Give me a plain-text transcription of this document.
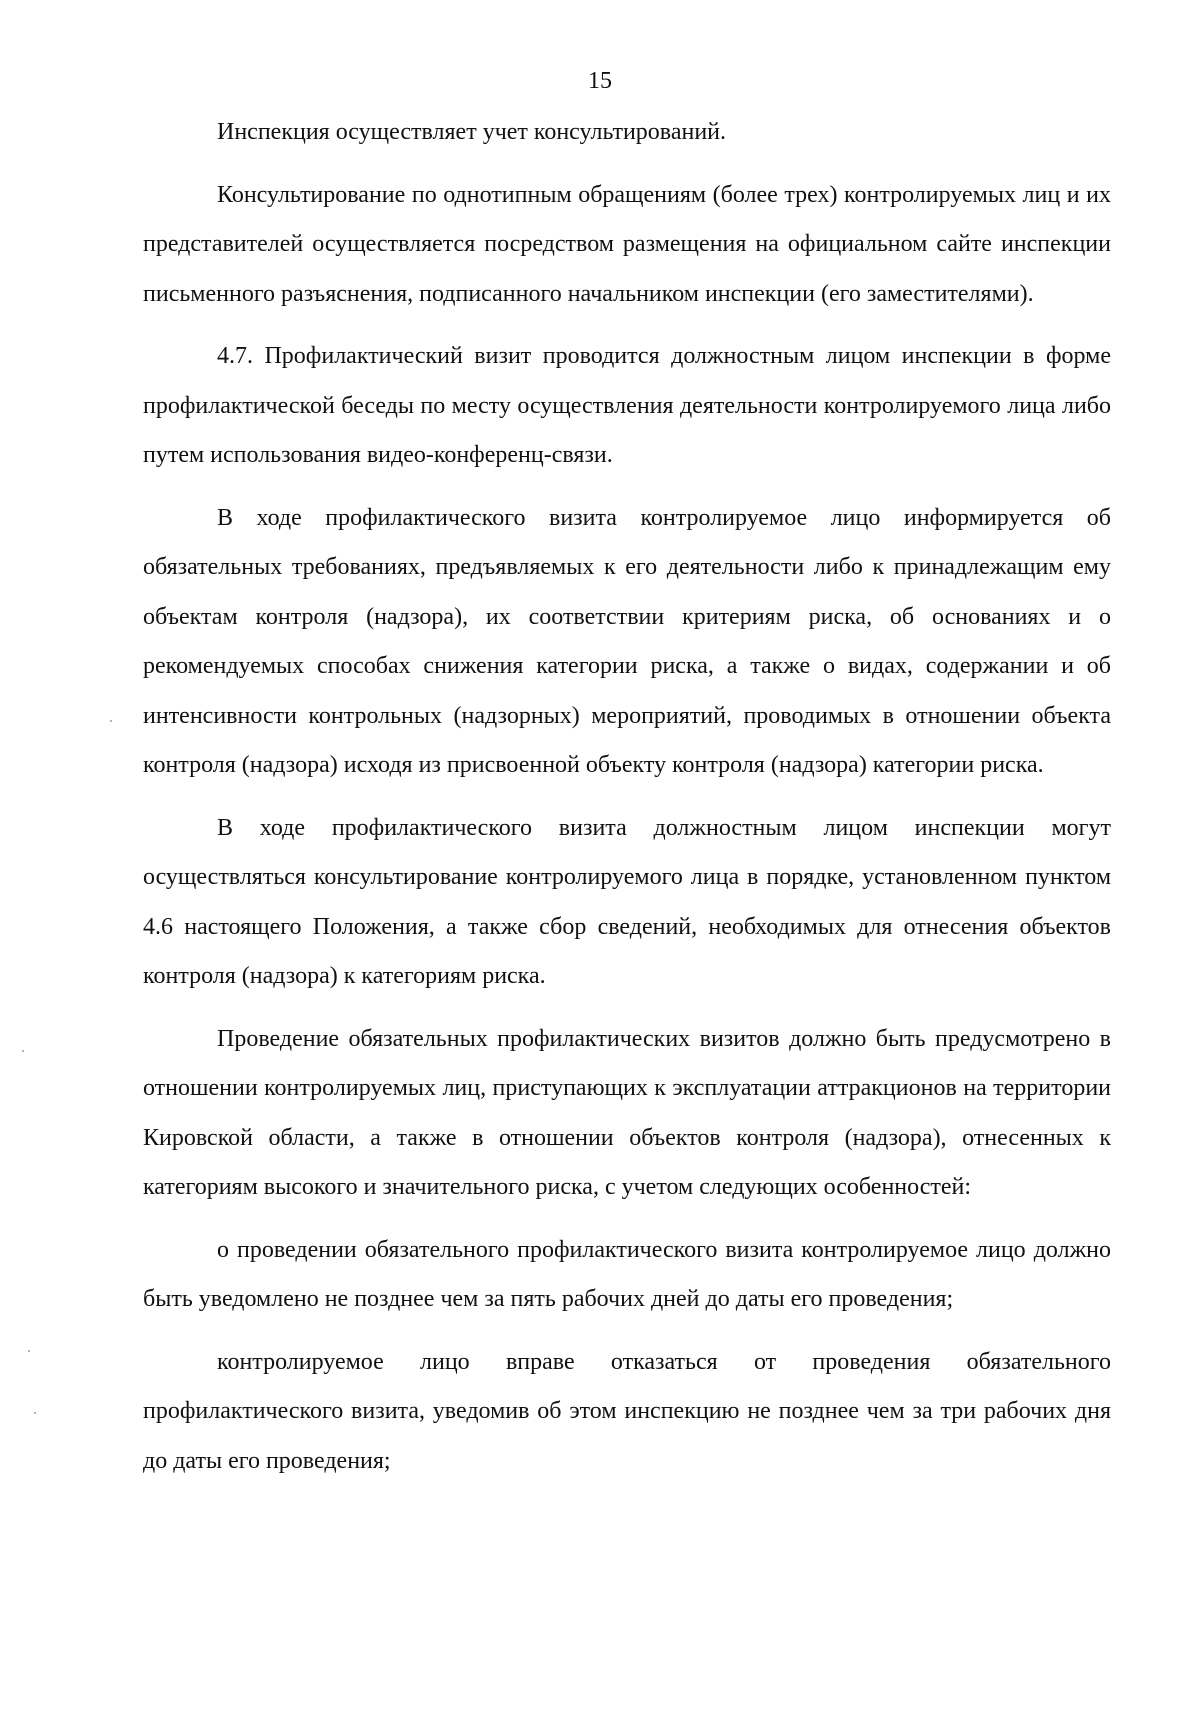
15

Инспекция осуществляет учет консультирований.

Консультирование по однотипным обращениям (более трех) контролируемых лиц и их представителей осуществляется посредством размещения на официальном сайте инспекции письменного разъяснения, подписанного начальником инспекции (его заместителями).

4.7. Профилактический визит проводится должностным лицом инспекции в форме профилактической беседы по месту осуществления деятельности контролируемого лица либо путем использования видео-конференц-связи.

В ходе профилактического визита контролируемое лицо информируется об обязательных требованиях, предъявляемых к его деятельности либо к принадлежащим ему объектам контроля (надзора), их соответствии критериям риска, об основаниях и о рекомендуемых способах снижения категории риска, а также о видах, содержании и об интенсивности контрольных (надзорных) мероприятий, проводимых в отношении объекта контроля (надзора) исходя из присвоенной объекту контроля (надзора) категории риска.

В ходе профилактического визита должностным лицом инспекции могут осуществляться консультирование контролируемого лица в порядке, установленном пунктом 4.6 настоящего Положения, а также сбор сведений, необходимых для отнесения объектов контроля (надзора) к категориям риска.

Проведение обязательных профилактических визитов должно быть предусмотрено в отношении контролируемых лиц, приступающих к эксплуатации аттракционов на территории Кировской области, а также в отношении объектов контроля (надзора), отнесенных к категориям высокого и значительного риска, с учетом следующих особенностей:

о проведении обязательного профилактического визита контролируемое лицо должно быть уведомлено не позднее чем за пять рабочих дней до даты его проведения;

контролируемое лицо вправе отказаться от проведения обязательного профилактического визита, уведомив об этом инспекцию не позднее чем за три рабочих дня до даты его проведения;
